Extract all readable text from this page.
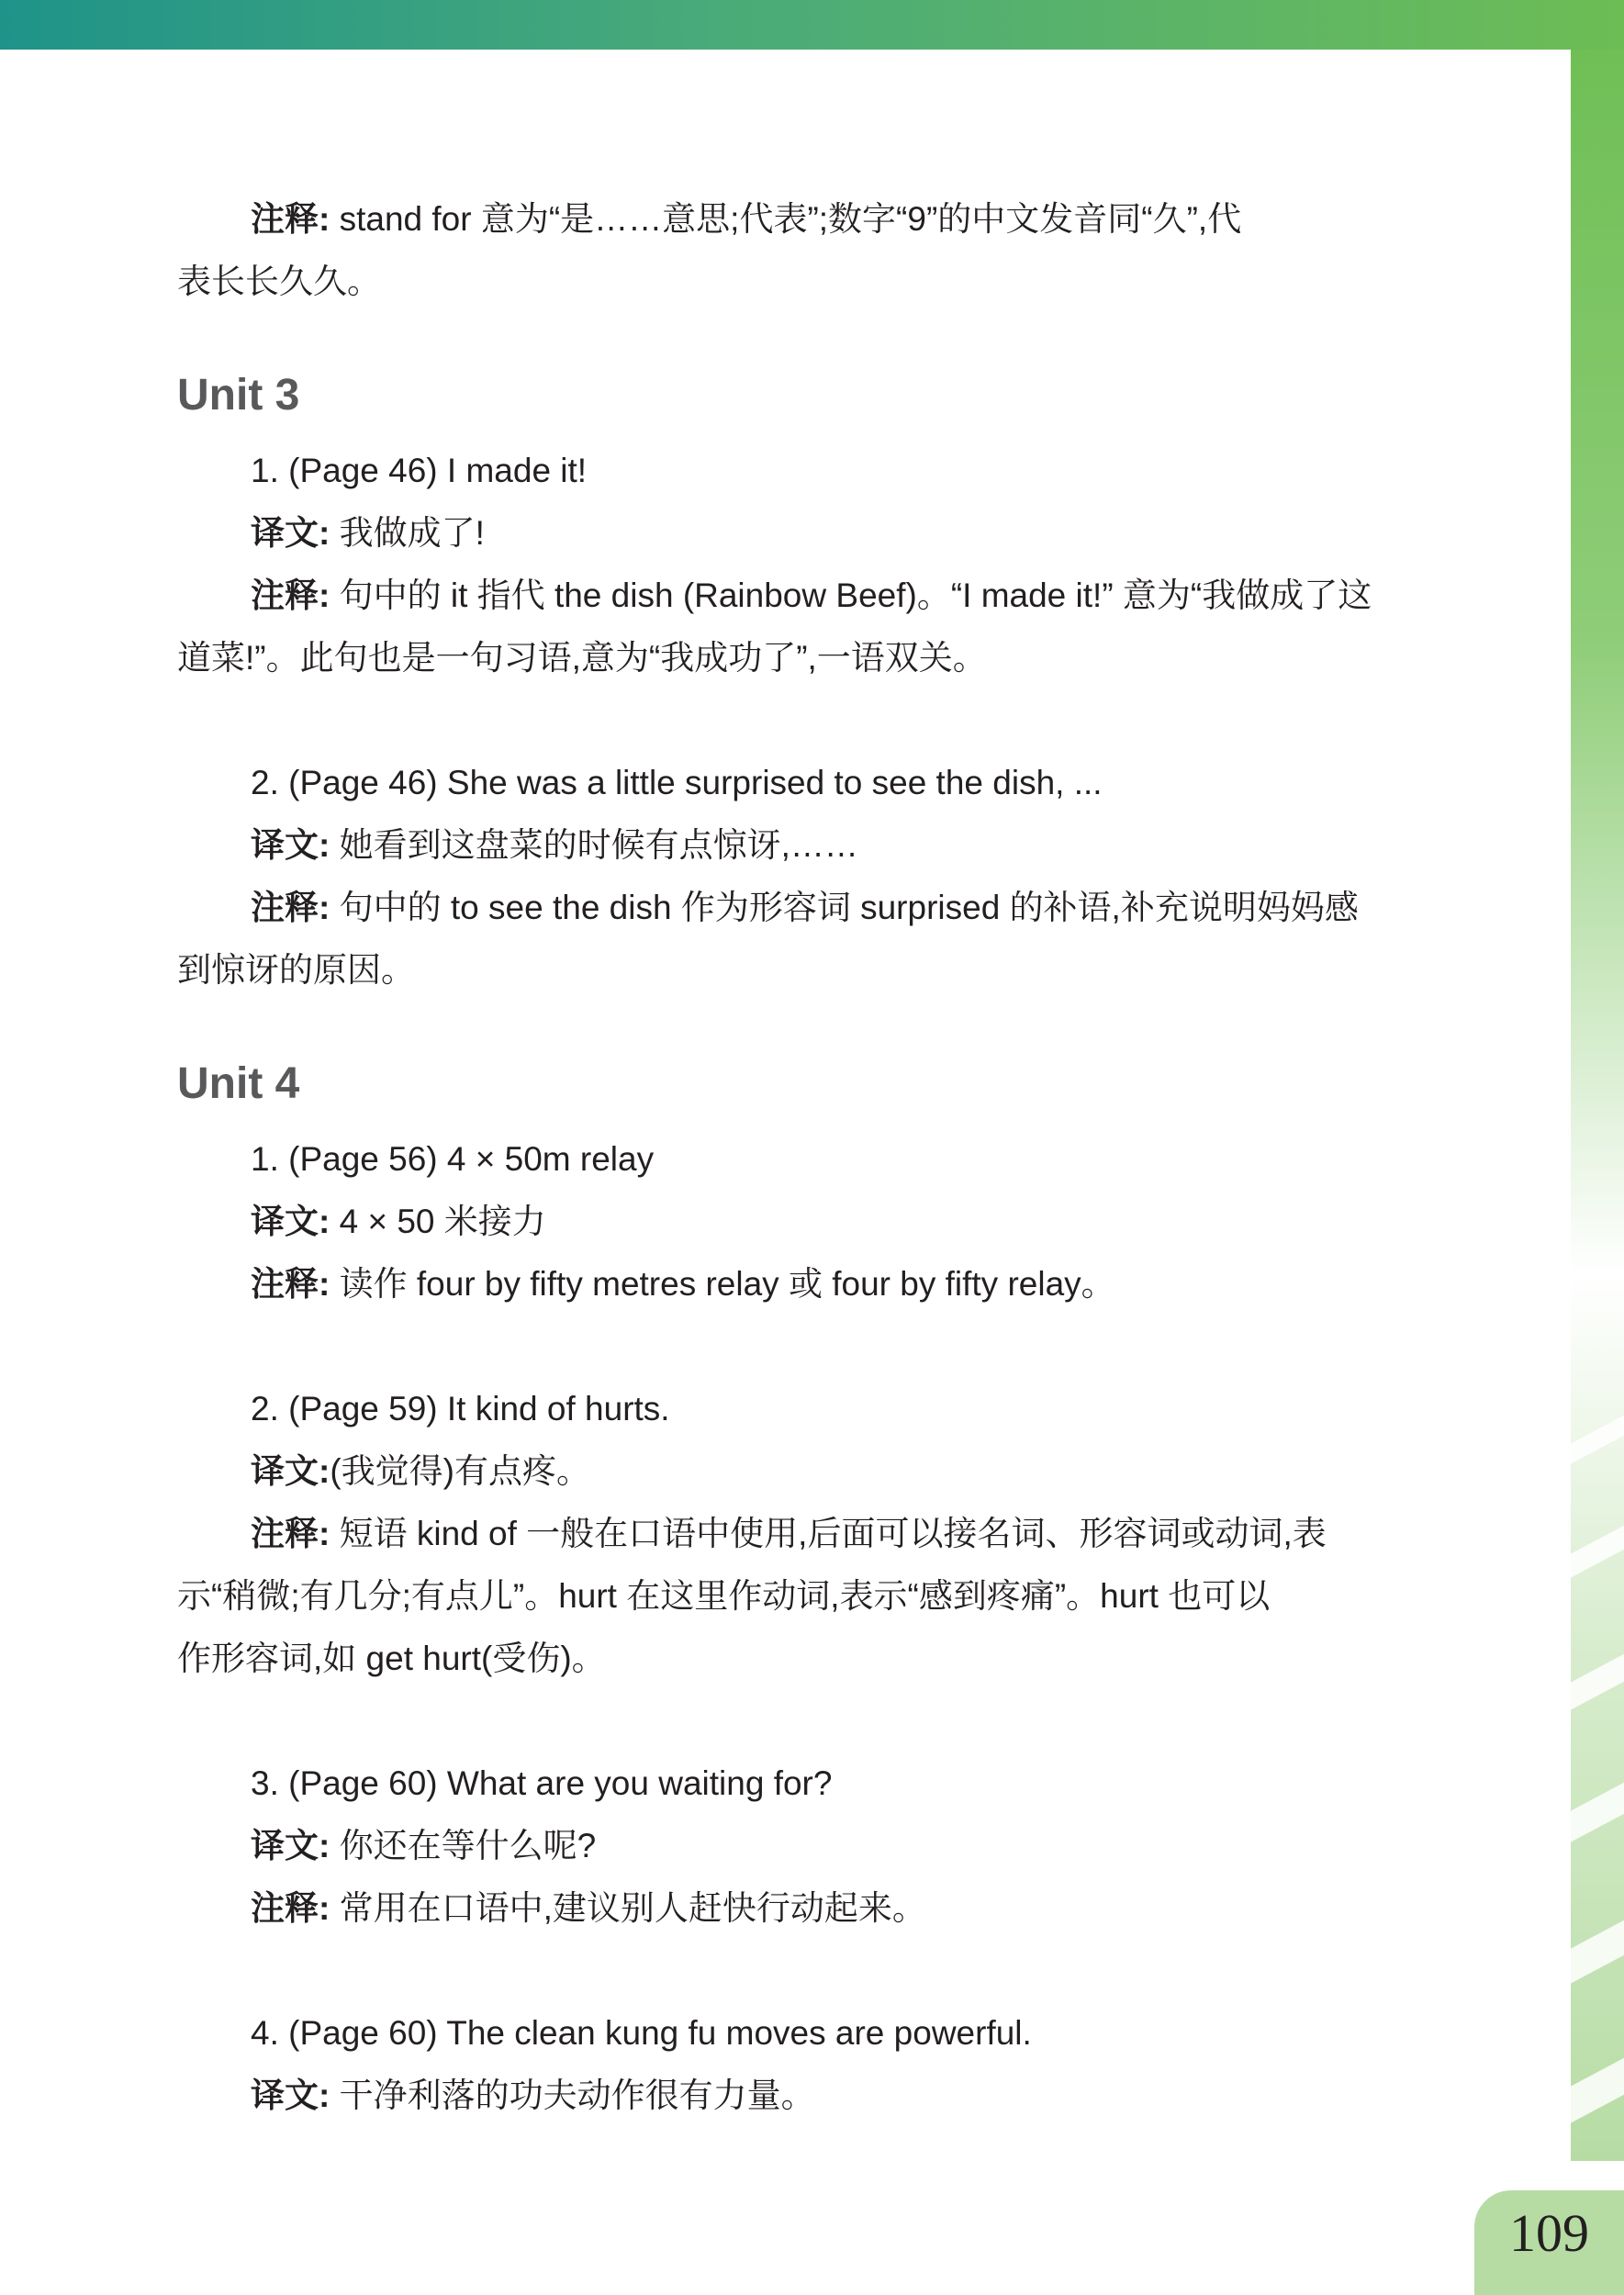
109
注释: stand for 意为“是……意思;代表”;数字“9”的中文发音同“久”,代
表长长久久。
Unit 3
1. (Page 46) I made it!
译文: 我做成了!
注释: 句中的 it 指代 the dish (Rainbow Beef)。“I made it!” 意为“我做成了这
道菜!”。此句也是一句习语,意为“我成功了”,一语双关。
2. (Page 46) She was a little surprised to see the dish, ...
译文: 她看到这盘菜的时候有点惊讶,……
注释: 句中的 to see the dish 作为形容词 surprised 的补语,补充说明妈妈感
到惊讶的原因。
Unit 4
1. (Page 56) 4 × 50m relay
译文: 4 × 50 米接力
注释: 读作 four by fifty metres relay 或 four by fifty relay。
2. (Page 59) It kind of hurts.
译文:(我觉得)有点疼。
注释: 短语 kind of 一般在口语中使用,后面可以接名词、形容词或动词,表
示“稍微;有几分;有点儿”。hurt 在这里作动词,表示“感到疼痛”。hurt 也可以
作形容词,如 get hurt(受伤)。
3. (Page 60) What are you waiting for?
译文: 你还在等什么呢?
注释: 常用在口语中,建议别人赶快行动起来。
4. (Page 60) The clean kung fu moves are powerful.
译文: 干净利落的功夫动作很有力量。
